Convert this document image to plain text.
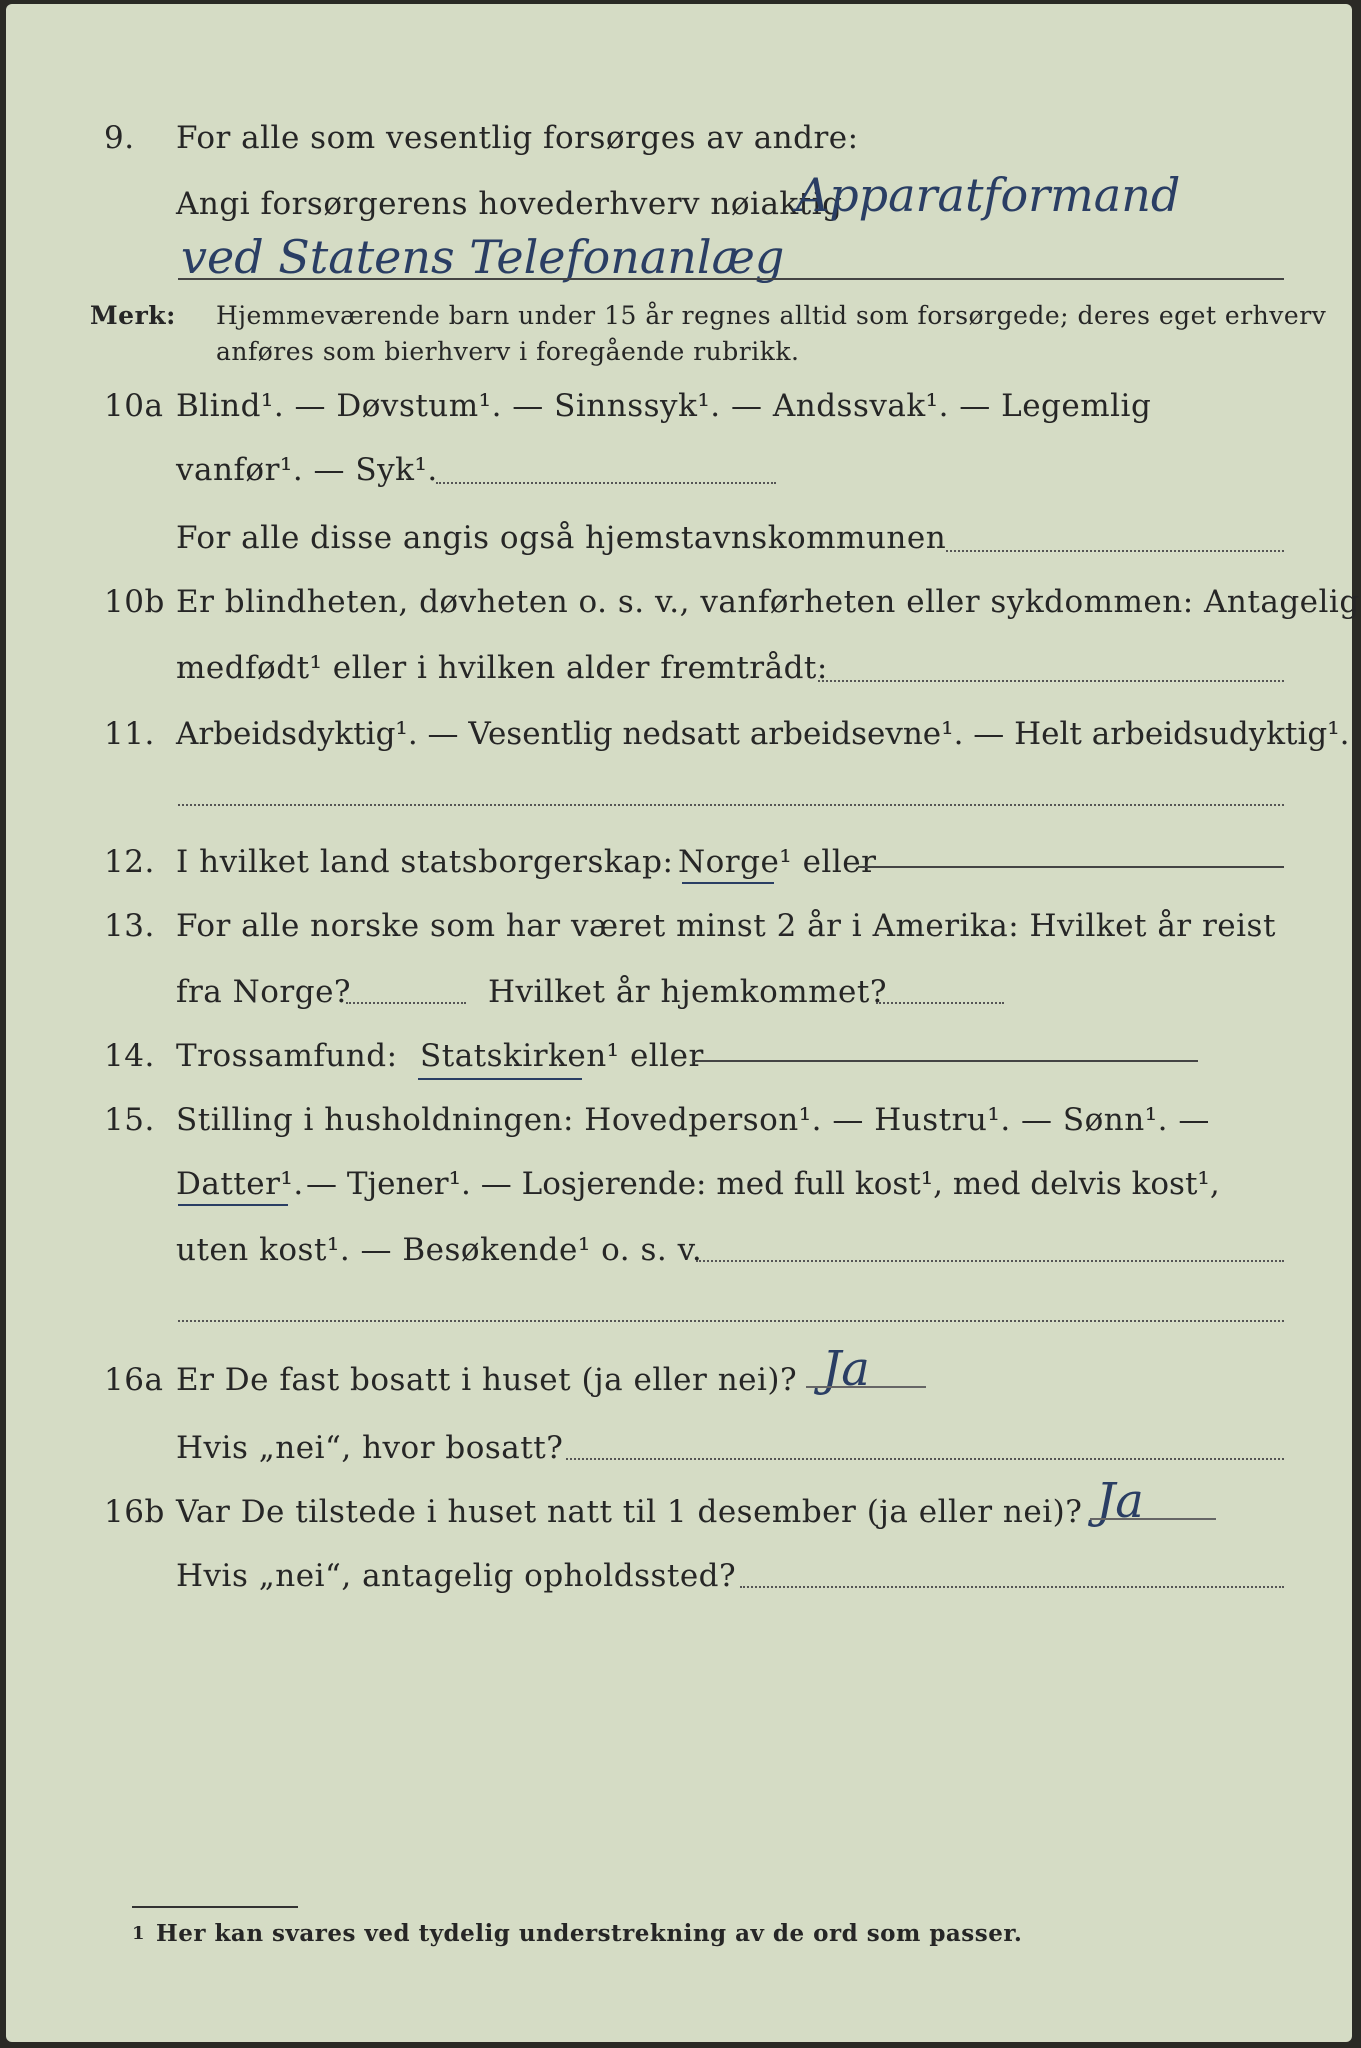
9. For alle som vesentlig forsørges av andre:
Angi forsørgerens hovederhverv nøiaktig
Apparatformand
ved Statens Telefonanlæg
Merk: Hjemmeværende barn under 15 år regnes alltid som forsørgede; deres eget erhverv
anføres som bierhverv i foregående rubrikk.
10a Blind¹. — Døvstum¹. — Sinnssyk¹. — Andssvak¹. — Legemlig
vanfør¹. — Syk¹.
For alle disse angis også hjemstavnskommunen
10b Er blindheten, døvheten o. s. v., vanførheten eller sykdommen: Antagelig
medfødt¹ eller i hvilken alder fremtrådt:
11. Arbeidsdyktig¹. — Vesentlig nedsatt arbeidsevne¹. — Helt arbeidsudyktig¹.
12. I hvilket land statsborgerskap: Norge¹ eller
13. For alle norske som har været minst 2 år i Amerika: Hvilket år reist
fra Norge?	Hvilket år hjemkommet?
14. Trossamfund: Statskirken¹ eller
15. Stilling i husholdningen: Hovedperson¹. — Hustru¹. — Sønn¹. —
Datter¹. — Tjener¹. — Losjerende: med full kost¹, med delvis kost¹,
uten kost¹. — Besøkende¹ o. s. v.
16a Er De fast bosatt i huset (ja eller nei)? Ja
Hvis „nei“, hvor bosatt?
16b Var De tilstede i huset natt til 1 desember (ja eller nei)? Ja
Hvis „nei“, antagelig opholdssted?
1 Her kan svares ved tydelig understrekning av de ord som passer.
